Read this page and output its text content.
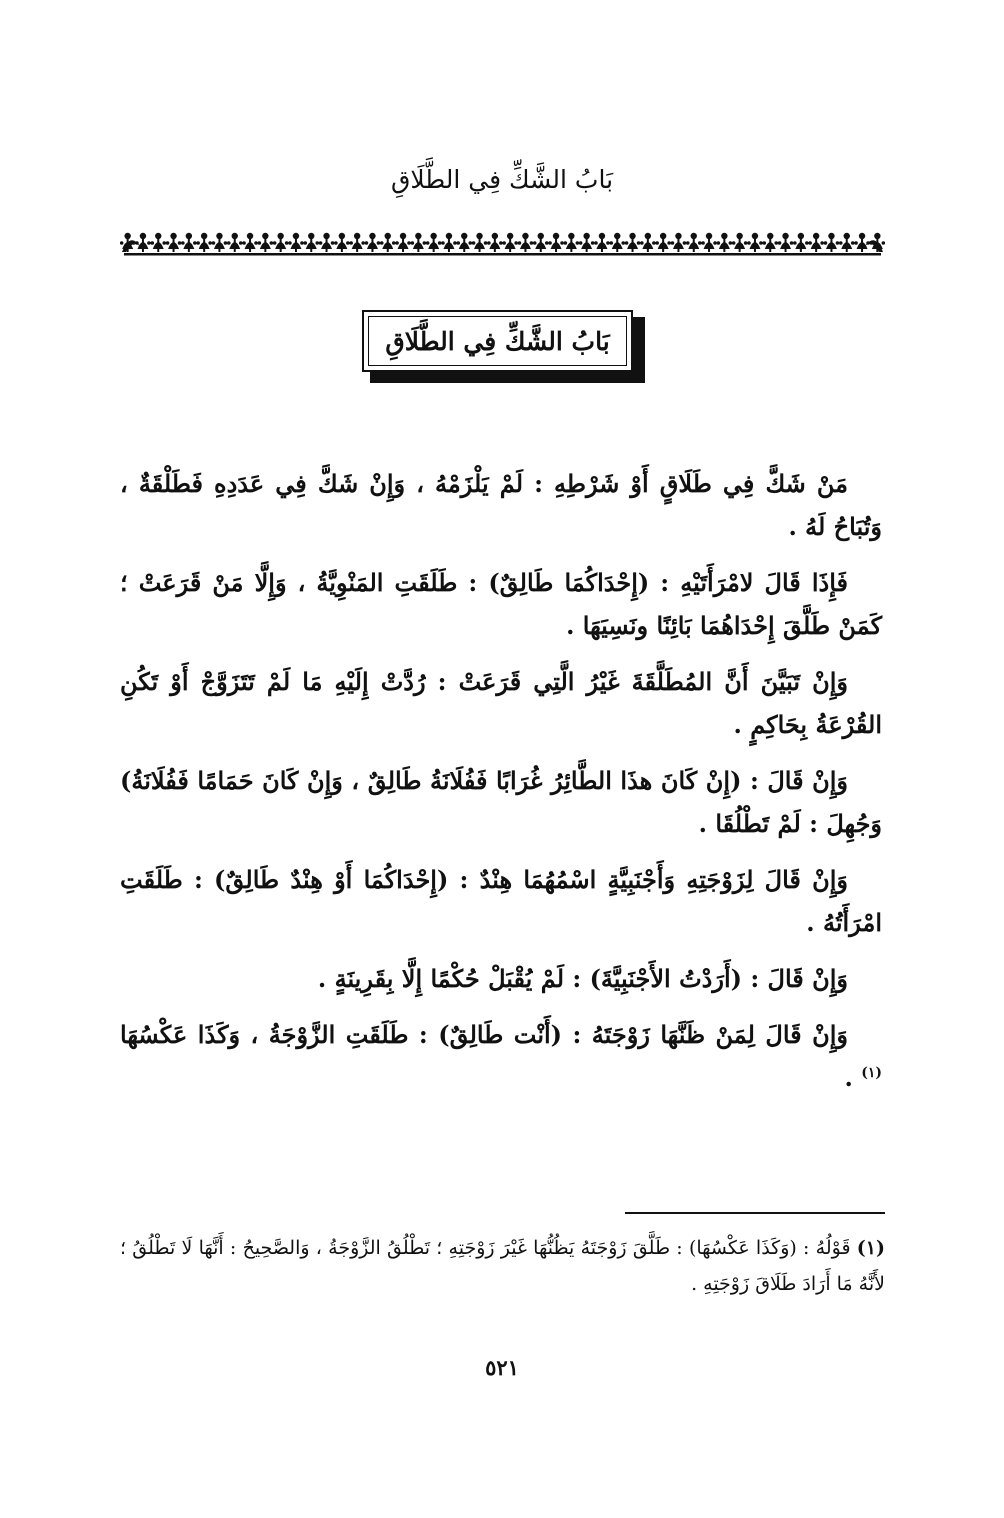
بَابُ الشَّكِّ فِي الطَّلَاقِ
بَابُ الشَّكِّ فِي الطَّلَاقِ

مَنْ شَكَّ فِي طَلَاقٍ أَوْ شَرْطِهِ : لَمْ يَلْزَمْهُ ، وَإِنْ شَكَّ فِي عَدَدِهِ فَطَلْقَةٌ ، وَتُبَاحُ لَهُ .

فَإِذَا قَالَ لامْرَأَتَيْهِ : (إِحْدَاكُمَا طَالِقٌ) : طَلَقَتِ المَنْوِيَّةُ ، وَإِلَّا مَنْ قَرَعَتْ ؛ كَمَنْ طَلَّقَ إِحْدَاهُمَا بَائِنًا ونَسِيَهَا .

وَإِنْ تَبَيَّنَ أَنَّ المُطَلَّقَةَ غَيْرُ الَّتِي قَرَعَتْ : رُدَّتْ إِلَيْهِ مَا لَمْ تَتَزَوَّجْ أَوْ تَكُنِ القُرْعَةُ بِحَاكِمٍ .

وَإِنْ قَالَ : (إِنْ كَانَ هذَا الطَّائِرُ غُرَابًا فَفُلَانَةُ طَالِقٌ ، وَإِنْ كَانَ حَمَامًا فَفُلَانَةُ) وَجُهِلَ : لَمْ تَطْلُقَا .

وَإِنْ قَالَ لِزَوْجَتِهِ وَأَجْنَبِيَّةٍ اسْمُهُمَا هِنْدٌ : (إِحْدَاكُمَا أَوْ هِنْدٌ طَالِقٌ) : طَلَقَتِ امْرَأَتُهُ .

وَإِنْ قَالَ : (أَرَدْتُ الأَجْنَبِيَّةَ) : لَمْ يُقْبَلْ حُكْمًا إِلَّا بِقَرِينَةٍ .

وَإِنْ قَالَ لِمَنْ ظَنَّهَا زَوْجَتَهُ : (أَنْت طَالِقٌ) : طَلَقَتِ الزَّوْجَةُ ، وَكَذَا عَكْسُهَا $^{(١)}$ .

(١) قَوْلُهُ : (وَكَذَا عَكْسُهَا) : طَلَّقَ زَوْجَتَهُ يَظُنُّهَا غَيْرَ زَوْجَتِهِ ؛ تَطْلُقُ الزَّوْجَةُ ، وَالصَّحِيحُ : أَنَّهَا لَا تَطْلُقُ ؛ لأَنَّهُ مَا أَرَادَ طَلَاقَ زَوْجَتِهِ .

٥٢١
